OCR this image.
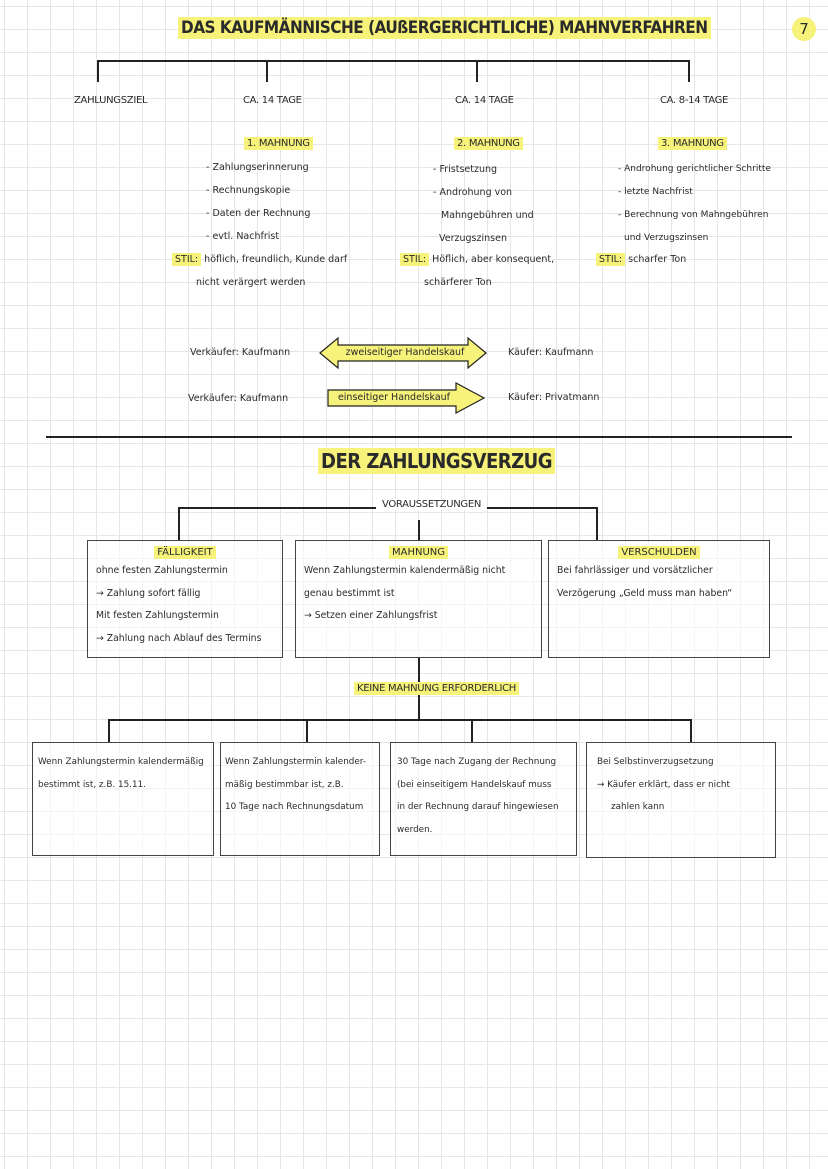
7
DAS KAUFMÄNNISCHE (AUßERGERICHTLICHE) MAHNVERFAHREN
ZAHLUNGSZIEL	CA. 14 TAGE	CA. 14 TAGE	CA. 8-14 TAGE
1. MAHNUNG
- Zahlungserinnerung
- Rechnungskopie
- Daten der Rechnung
- evtl. Nachfrist
STIL: höflich, freundlich, Kunde darf
nicht verärgert werden
2. MAHNUNG
- Fristsetzung
- Androhung von
Mahngebühren und
Verzugszinsen
STIL: Höflich, aber konsequent,
schärferer Ton
3. MAHNUNG
- Androhung gerichtlicher Schritte
- letzte Nachfrist
- Berechnung von Mahngebühren
und Verzugszinsen
STIL: scharfer Ton
Verkäufer: Kaufmann	zweiseitiger Handelskauf	Käufer: Kaufmann
Verkäufer: Kaufmann	einseitiger Handelskauf	Käufer: Privatmann
DER ZAHLUNGSVERZUG
VORAUSSETZUNGEN
FÄLLIGKEIT
ohne festen Zahlungstermin
→ Zahlung sofort fällig
Mit festen Zahlungstermin
→ Zahlung nach Ablauf des Termins
MAHNUNG
Wenn Zahlungstermin kalendermäßig nicht
genau bestimmt ist
→ Setzen einer Zahlungsfrist
VERSCHULDEN
Bei fahrlässiger und vorsätzlicher
Verzögerung „Geld muss man haben“
KEINE MAHNUNG ERFORDERLICH
Wenn Zahlungstermin kalendermäßig
bestimmt ist, z.B. 15.11.
Wenn Zahlungstermin kalender-
mäßig bestimmbar ist, z.B.
10 Tage nach Rechnungsdatum
30 Tage nach Zugang der Rechnung
(bei einseitigem Handelskauf muss
in der Rechnung darauf hingewiesen
werden.
Bei Selbstinverzugsetzung
→ Käufer erklärt, dass er nicht
zahlen kann
